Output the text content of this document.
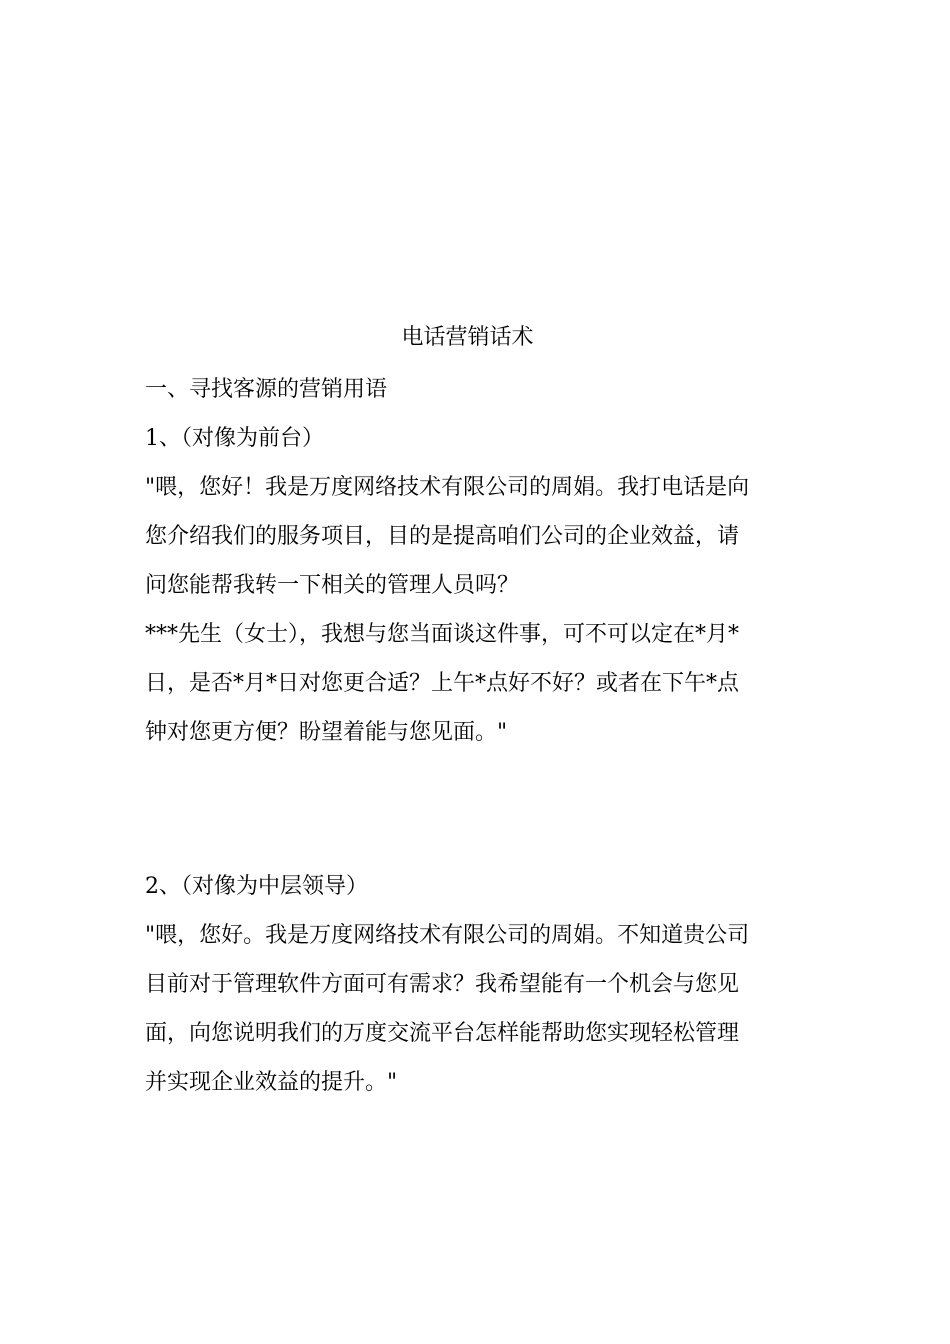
电话营销话术

一、寻找客源的营销用语

1、（对像为前台）

"喂，您好！我是万度网络技术有限公司的周娟。我打电话是向

您介绍我们的服务项目，目的是提高咱们公司的企业效益，请

问您能帮我转一下相关的管理人员吗？

***先生（女士），我想与您当面谈这件事，可不可以定在*月*

日，是否*月*日对您更合适？上午*点好不好？或者在下午*点

钟对您更方便？盼望着能与您见面。"

2、（对像为中层领导）

"喂，您好。我是万度网络技术有限公司的周娟。不知道贵公司

目前对于管理软件方面可有需求？我希望能有一个机会与您见

面，向您说明我们的万度交流平台怎样能帮助您实现轻松管理

并实现企业效益的提升。"
